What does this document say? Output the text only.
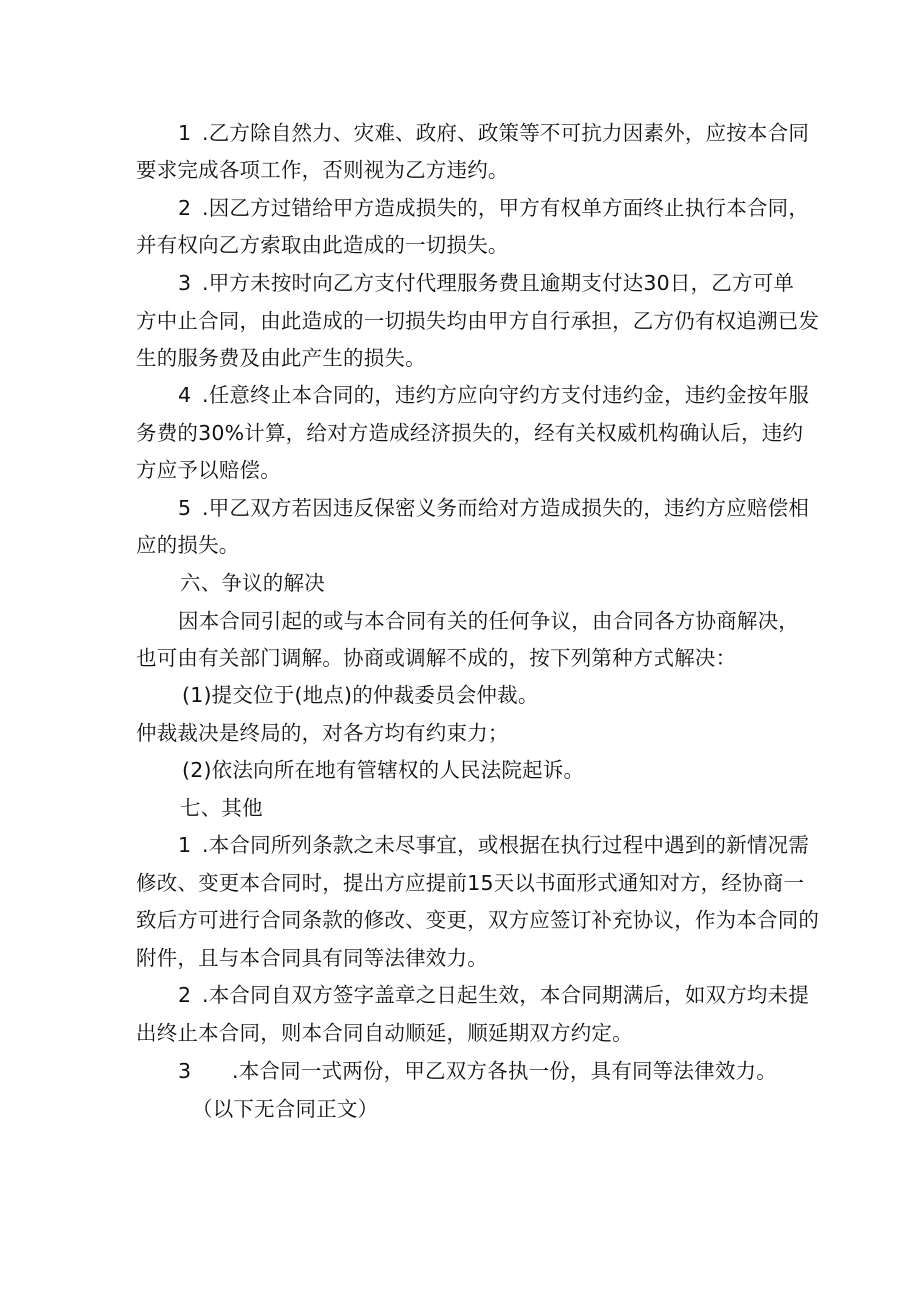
1 .乙方除自然力、灾难、政府、政策等不可抗力因素外，应按本合同
要求完成各项工作，否则视为乙方违约。
2 .因乙方过错给甲方造成损失的，甲方有权单方面终止执行本合同，
并有权向乙方索取由此造成的一切损失。
3 .甲方未按时向乙方支付代理服务费且逾期支付达30日，乙方可单
方中止合同，由此造成的一切损失均由甲方自行承担，乙方仍有权追溯已发
生的服务费及由此产生的损失。
4 .任意终止本合同的，违约方应向守约方支付违约金，违约金按年服
务费的30%计算，给对方造成经济损失的，经有关权威机构确认后，违约
方应予以赔偿。
5 .甲乙双方若因违反保密义务而给对方造成损失的，违约方应赔偿相
应的损失。
六、争议的解决
因本合同引起的或与本合同有关的任何争议，由合同各方协商解决，
也可由有关部门调解。协商或调解不成的，按下列第种方式解决：
(1)提交位于(地点)的仲裁委员会仲裁。
仲裁裁决是终局的，对各方均有约束力；
(2)依法向所在地有管辖权的人民法院起诉。
七、其他
1 .本合同所列条款之未尽事宜，或根据在执行过程中遇到的新情况需
修改、变更本合同时，提出方应提前15天以书面形式通知对方，经协商一
致后方可进行合同条款的修改、变更，双方应签订补充协议，作为本合同的
附件，且与本合同具有同等法律效力。
2 .本合同自双方签字盖章之日起生效，本合同期满后，如双方均未提
出终止本合同，则本合同自动顺延，顺延期双方约定。
3 .本合同一式两份，甲乙双方各执一份，具有同等法律效力。
（以下无合同正文）
